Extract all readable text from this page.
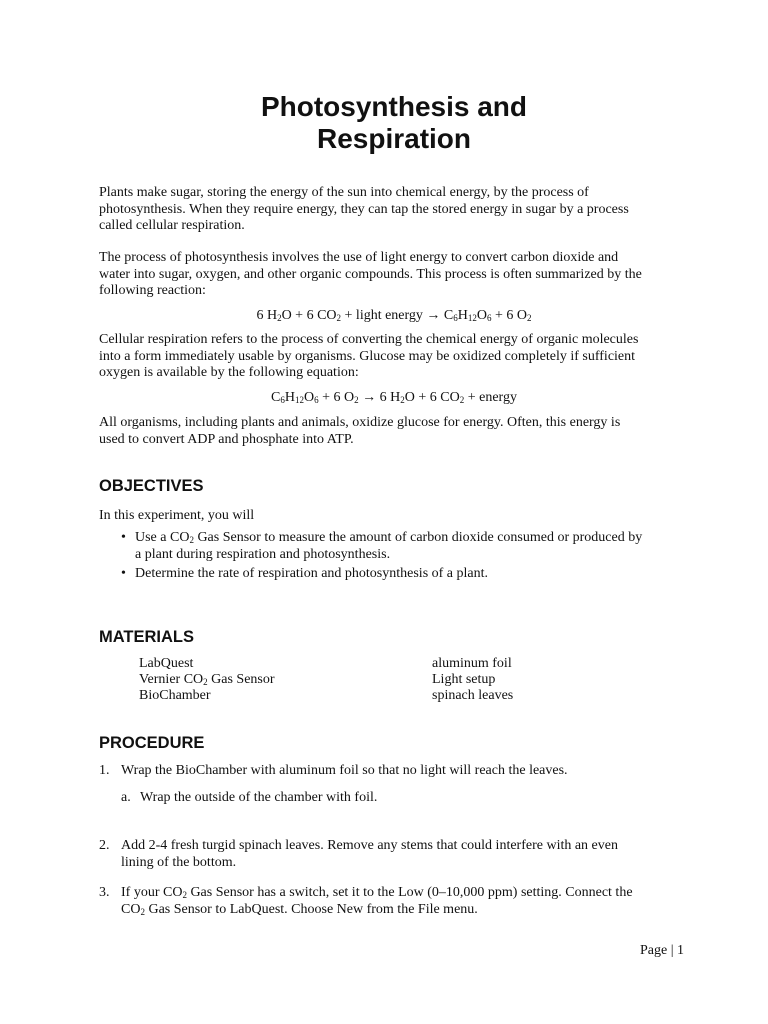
Photosynthesis and
Respiration

Plants make sugar, storing the energy of the sun into chemical energy, by the process of

photosynthesis. When they require energy, they can tap the stored energy in sugar by a process

called cellular respiration.

The process of photosynthesis involves the use of light energy to convert carbon dioxide and

water into sugar, oxygen, and other organic compounds. This process is often summarized by the

following reaction:

6 $H_2O + 6$ $CO_2$ + light energy → $C_6H_{12}O_6 + 6$ $O_2$

Cellular respiration refers to the process of converting the chemical energy of organic molecules

into a form immediately usable by organisms. Glucose may be oxidized completely if sufficient

oxygen is available by the following equation:

$C_6H_{12}O_6 + 6$ $O_2 \to 6$ $H_2O + 6$ $CO_2$ + energy

All organisms, including plants and animals, oxidize glucose for energy. Often, this energy is

used to convert ADP and phosphate into ATP.

OBJECTIVES

In this experiment, you will

• Use a $CO_2$ Gas Sensor to measure the amount of carbon dioxide consumed or produced by
a plant during respiration and photosynthesis.
• Determine the rate of respiration and photosynthesis of a plant.
MATERIALS
LabQuest
Vernier $CO_2$ Gas Sensor
BioChamber
aluminum foil
Light setup
spinach leaves
PROCEDURE
1. Wrap the BioChamber with aluminum foil so that no light will reach the leaves.
a. Wrap the outside of the chamber with foil.
2. Add 2-4 fresh turgid spinach leaves. Remove any stems that could interfere with an even
lining of the bottom.
3. If your $CO_2$ Gas Sensor has a switch, set it to the Low (0–10,000 ppm) setting. Connect the
$CO_2$ Gas Sensor to LabQuest. Choose New from the File menu.
Page | 1
